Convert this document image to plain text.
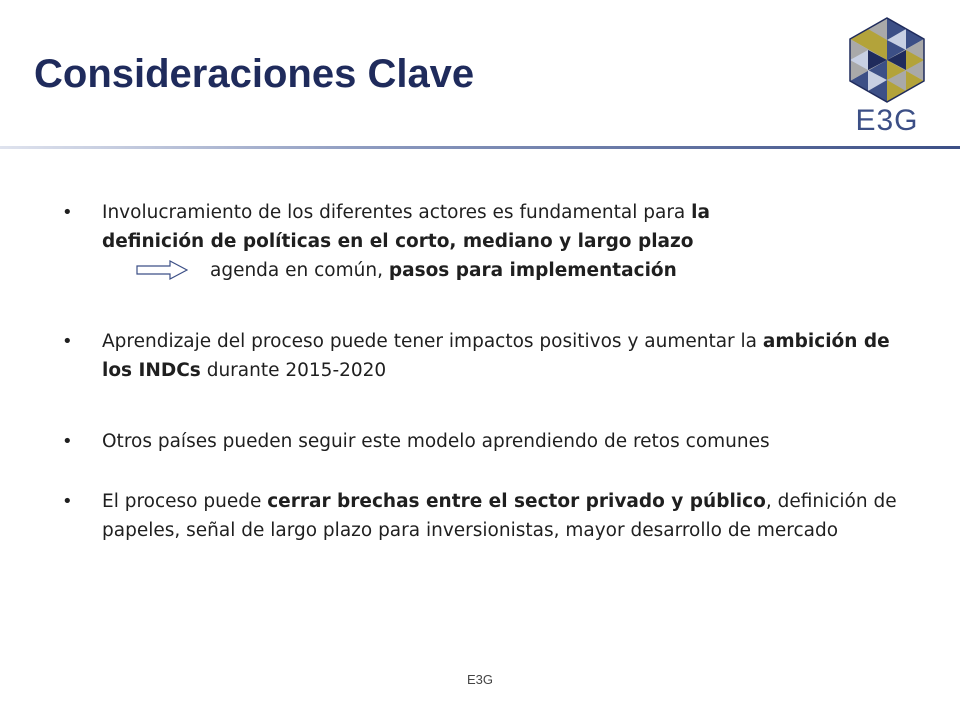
Consideraciones Clave
E3G
• Involucramiento de los diferentes actores es fundamental para la
definición de políticas en el corto, mediano y largo plazo
agenda en común, pasos para implementación
• Aprendizaje del proceso puede tener impactos positivos y aumentar la ambición de los INDCs durante 2015-2020
• Otros países pueden seguir este modelo aprendiendo de retos comunes
• El proceso puede cerrar brechas entre el sector privado y público, definición de papeles, señal de largo plazo para inversionistas, mayor desarrollo de mercado
E3G
